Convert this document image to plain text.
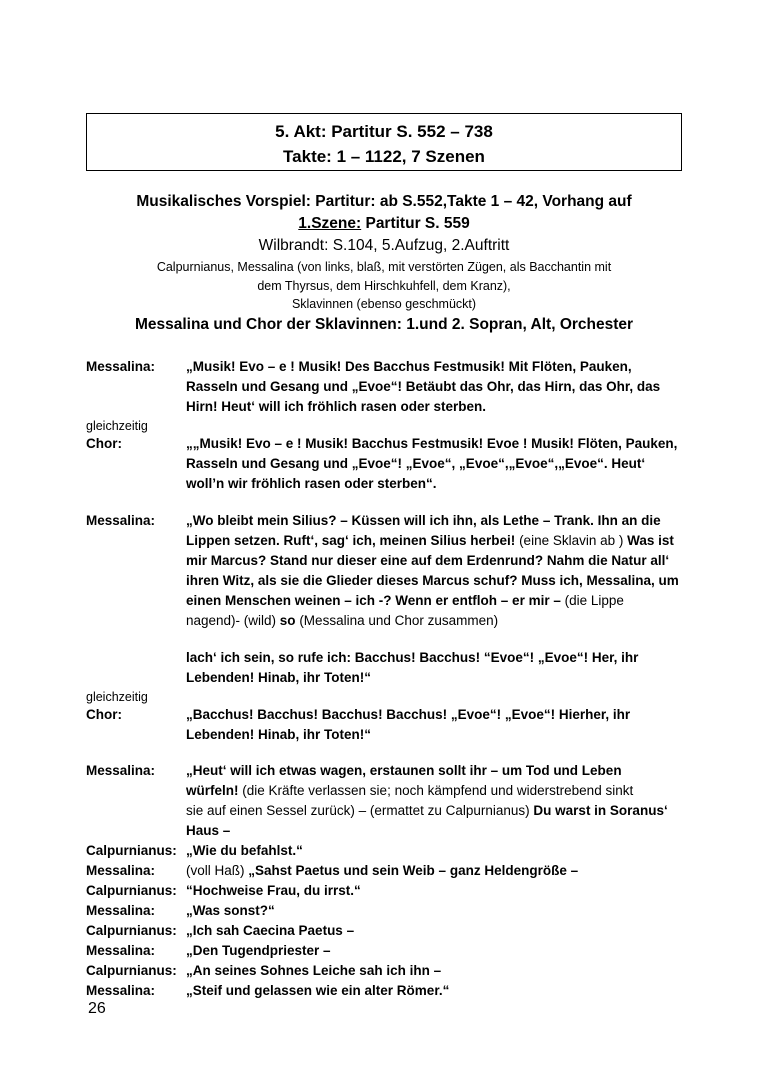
5. Akt: Partitur S. 552 – 738
Takte: 1 – 1122, 7 Szenen
Musikalisches Vorspiel: Partitur: ab S.552,Takte 1 – 42, Vorhang auf
1.Szene: Partitur S. 559
Wilbrandt: S.104, 5.Aufzug, 2.Auftritt
Calpurnianus, Messalina (von links, blaß, mit verstörten Zügen, als Bacchantin mit
dem Thyrsus, dem Hirschkuhfell, dem Kranz),
Sklavinnen (ebenso geschmückt)
Messalina und Chor der Sklavinnen: 1.und 2. Sopran, Alt, Orchester
Messalina: „Musik! Evo – e ! Musik! Des Bacchus Festmusik! Mit Flöten, Pauken,
Rasseln und Gesang und „Evoe“! Betäubt das Ohr, das Hirn, das Ohr, das
Hirn! Heut‘ will ich fröhlich rasen oder sterben.
gleichzeitig
Chor:	„„Musik! Evo – e ! Musik! Bacchus Festmusik! Evoe ! Musik! Flöten, Pauken,
Rasseln und Gesang und „Evoe“! „Evoe“, „Evoe“,„Evoe“,„Evoe“. Heut‘
woll’n wir fröhlich rasen oder sterben“.
Messalina: „Wo bleibt mein Silius? – Küssen will ich ihn, als Lethe – Trank. Ihn an die
Lippen setzen. Ruft‘, sag‘ ich, meinen Silius herbei! (eine Sklavin ab ) Was ist
mir Marcus? Stand nur dieser eine auf dem Erdenrund? Nahm die Natur all‘
ihren Witz, als sie die Glieder dieses Marcus schuf? Muss ich, Messalina, um
einen Menschen weinen – ich -? Wenn er entfloh – er mir – (die Lippe
nagend)- (wild) so (Messalina und Chor zusammen)
lach‘ ich sein, so rufe ich: Bacchus! Bacchus! “Evoe“! „Evoe“! Her, ihr
Lebenden! Hinab, ihr Toten!“
gleichzeitig
Chor:	„Bacchus! Bacchus! Bacchus! Bacchus! „Evoe“! „Evoe“! Hierher, ihr
Lebenden! Hinab, ihr Toten!“
Messalina: „Heut‘ will ich etwas wagen, erstaunen sollt ihr – um Tod und Leben
würfeln! (die Kräfte verlassen sie; noch kämpfend und widerstrebend sinkt
sie auf einen Sessel zurück) – (ermattet zu Calpurnianus) Du warst in Soranus‘
Haus –
Calpurnianus: „Wie du befahlst.“
Messalina: (voll Haß) „Sahst Paetus und sein Weib – ganz Heldengröße –
Calpurnianus: “Hochweise Frau, du irrst.“
Messalina: „Was sonst?“
Calpurnianus: „Ich sah Caecina Paetus –
Messalina: „Den Tugendpriester –
Calpurnianus: „An seines Sohnes Leiche sah ich ihn –
Messalina: „Steif und gelassen wie ein alter Römer.“
26
